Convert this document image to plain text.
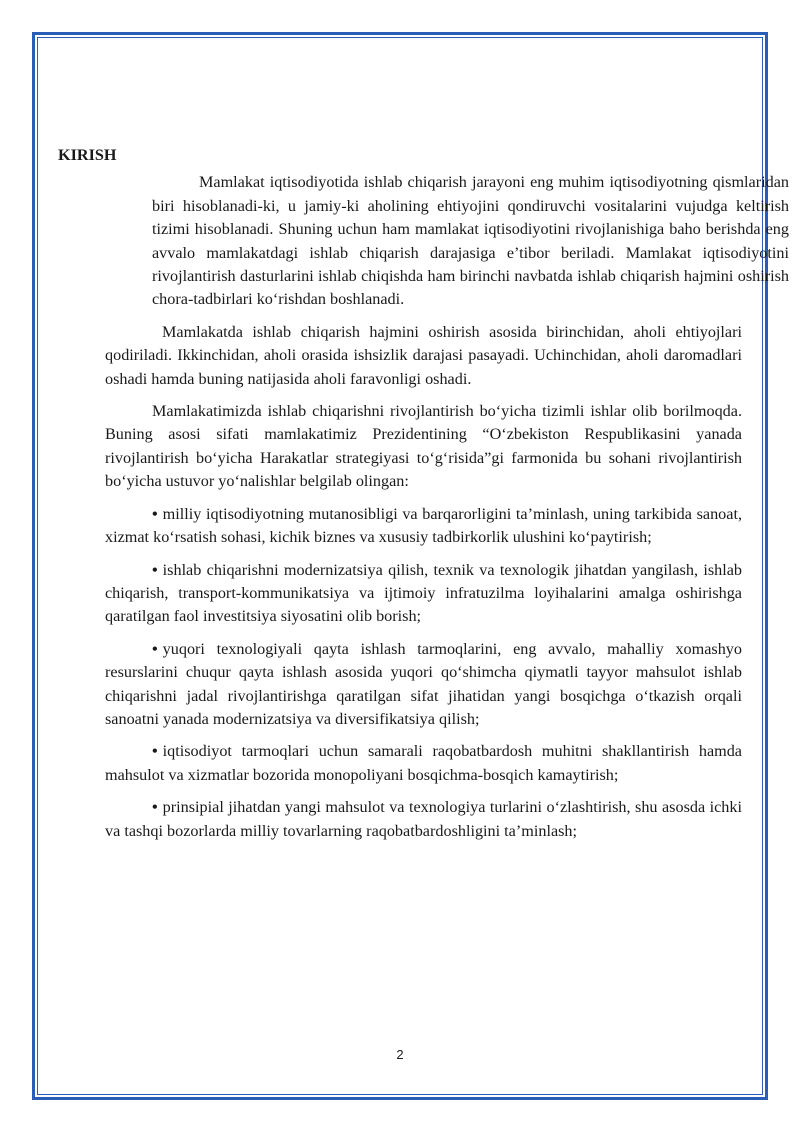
KIRISH

Mamlakat iqtisodiyotida ishlab chiqarish jarayoni eng muhim iqtisodiyotning qismlaridan biri hisoblanadi-ki, u jamiy-ki aholining ehtiyojini qondiruvchi vositalarini vujudga keltirish tizimi hisoblanadi. Shuning uchun ham mamlakat iqtisodiyotini rivojlanishiga baho berishda eng avvalo mamlakatdagi ishlab chiqarish darajasiga e’tibor beriladi. Mamlakat iqtisodiyotini rivojlantirish dasturlarini ishlab chiqishda ham birinchi navbatda ishlab chiqarish hajmini oshirish chora-tadbirlari ko‘rishdan boshlanadi.

Mamlakatda ishlab chiqarish hajmini oshirish asosida birinchidan, aholi ehtiyojlari qodiriladi. Ikkinchidan, aholi orasida ishsizlik darajasi pasayadi. Uchinchidan, aholi daromadlari oshadi hamda buning natijasida aholi faravonligi oshadi.

Mamlakatimizda ishlab chiqarishni rivojlantirish bo‘yicha tizimli ishlar olib borilmoqda. Buning asosi sifati mamlakatimiz Prezidentining “O‘zbekiston Respublikasini yanada rivojlantirish bo‘yicha Harakatlar strategiyasi to‘g‘risida”gi farmonida bu sohani rivojlantirish bo‘yicha ustuvor yo‘nalishlar belgilab olingan:

• milliy iqtisodiyotning mutanosibligi va barqarorligini ta’minlash, uning tarkibida sanoat, xizmat ko‘rsatish sohasi, kichik biznes va xususiy tadbirkorlik ulushini ko‘paytirish;

• ishlab chiqarishni modernizatsiya qilish, texnik va texnologik jihatdan yangilash, ishlab chiqarish, transport-kommunikatsiya va ijtimoiy infratuzilma loyihalarini amalga oshirishga qaratilgan faol investitsiya siyosatini olib borish;

• yuqori texnologiyali qayta ishlash tarmoqlarini, eng avvalo, mahalliy xomashyo resurslarini chuqur qayta ishlash asosida yuqori qo‘shimcha qiymatli tayyor mahsulot ishlab chiqarishni jadal rivojlantirishga qaratilgan sifat jihatidan yangi bosqichga o‘tkazish orqali sanoatni yanada modernizatsiya va diversifikatsiya qilish;

• iqtisodiyot tarmoqlari uchun samarali raqobatbardosh muhitni shakllantirish hamda mahsulot va xizmatlar bozorida monopoliyani bosqichma-bosqich kamaytirish;

• prinsipial jihatdan yangi mahsulot va texnologiya turlarini o‘zlashtirish, shu asosda ichki va tashqi bozorlarda milliy tovarlarning raqobatbardoshligini ta’minlash;

2
